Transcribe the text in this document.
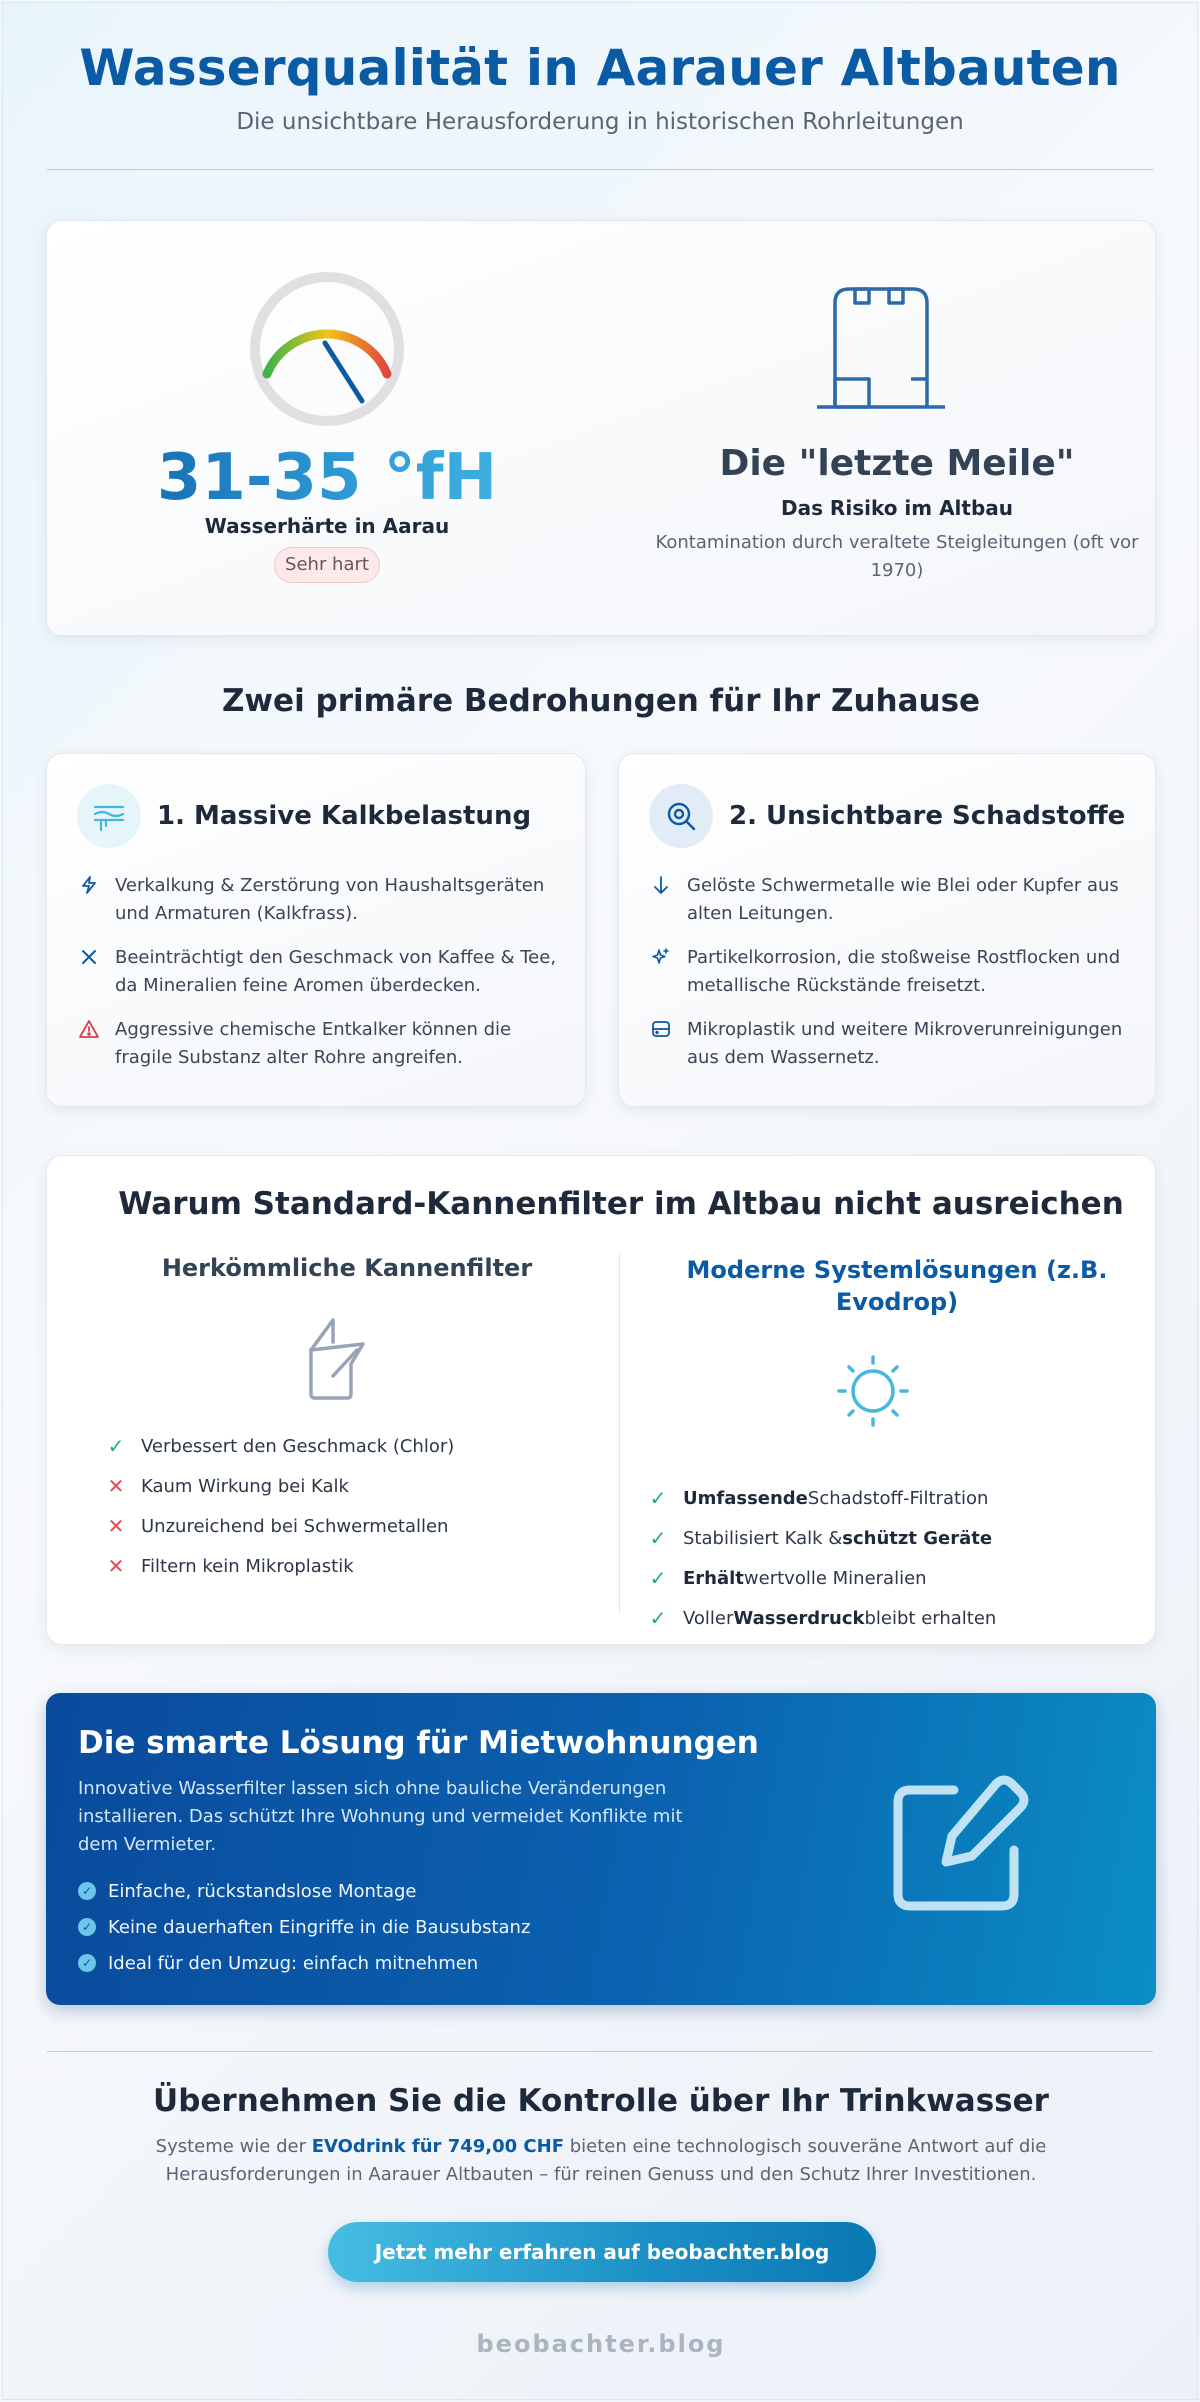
Wasserqualität in Aarauer Altbauten

Die unsichtbare Herausforderung in historischen Rohrleitungen

31-35 °fH
Wasserhärte in Aarau
Sehr hart
Die "letzte Meile"
Das Risiko im Altbau
Kontamination durch veraltete Steigleitungen (oft vor 1970)
Zwei primäre Bedrohungen für Ihr Zuhause
1. Massive Kalkbelastung
Verkalkung & Zerstörung von Haushaltsgeräten und Armaturen (Kalkfrass).
Beeinträchtigt den Geschmack von Kaffee & Tee, da Mineralien feine Aromen überdecken.
Aggressive chemische Entkalker können die fragile Substanz alter Rohre angreifen.
2. Unsichtbare Schadstoffe
Gelöste Schwermetalle wie Blei oder Kupfer aus alten Leitungen.
Partikelkorrosion, die stoßweise Rostflocken und metallische Rückstände freisetzt.
Mikroplastik und weitere Mikroverunreinigungen aus dem Wassernetz.
Warum Standard-Kannenfilter im Altbau nicht ausreichen
Herkömmliche Kannenfilter
✓ Verbessert den Geschmack (Chlor)
✕ Kaum Wirkung bei Kalk
✕ Unzureichend bei Schwermetallen
✕ Filtern kein Mikroplastik
Moderne Systemlösungen (z.B. Evodrop)
✓ Umfassende Schadstoff-Filtration
✓ Stabilisiert Kalk & schützt Geräte
✓ Erhält wertvolle Mineralien
✓ Voller Wasserdruck bleibt erhalten
Die smarte Lösung für Mietwohnungen
Innovative Wasserfilter lassen sich ohne bauliche Veränderungen installieren. Das schützt Ihre Wohnung und vermeidet Konflikte mit dem Vermieter.
✓ Einfache, rückstandslose Montage
✓ Keine dauerhaften Eingriffe in die Bausubstanz
✓ Ideal für den Umzug: einfach mitnehmen
Übernehmen Sie die Kontrolle über Ihr Trinkwasser

Systeme wie der EVOdrink für 749,00 CHF bieten eine technologisch souveräne Antwort auf die Herausforderungen in Aarauer Altbauten – für reinen Genuss und den Schutz Ihrer Investitionen.

Jetzt mehr erfahren auf beobachter.blog
beobachter.blog
